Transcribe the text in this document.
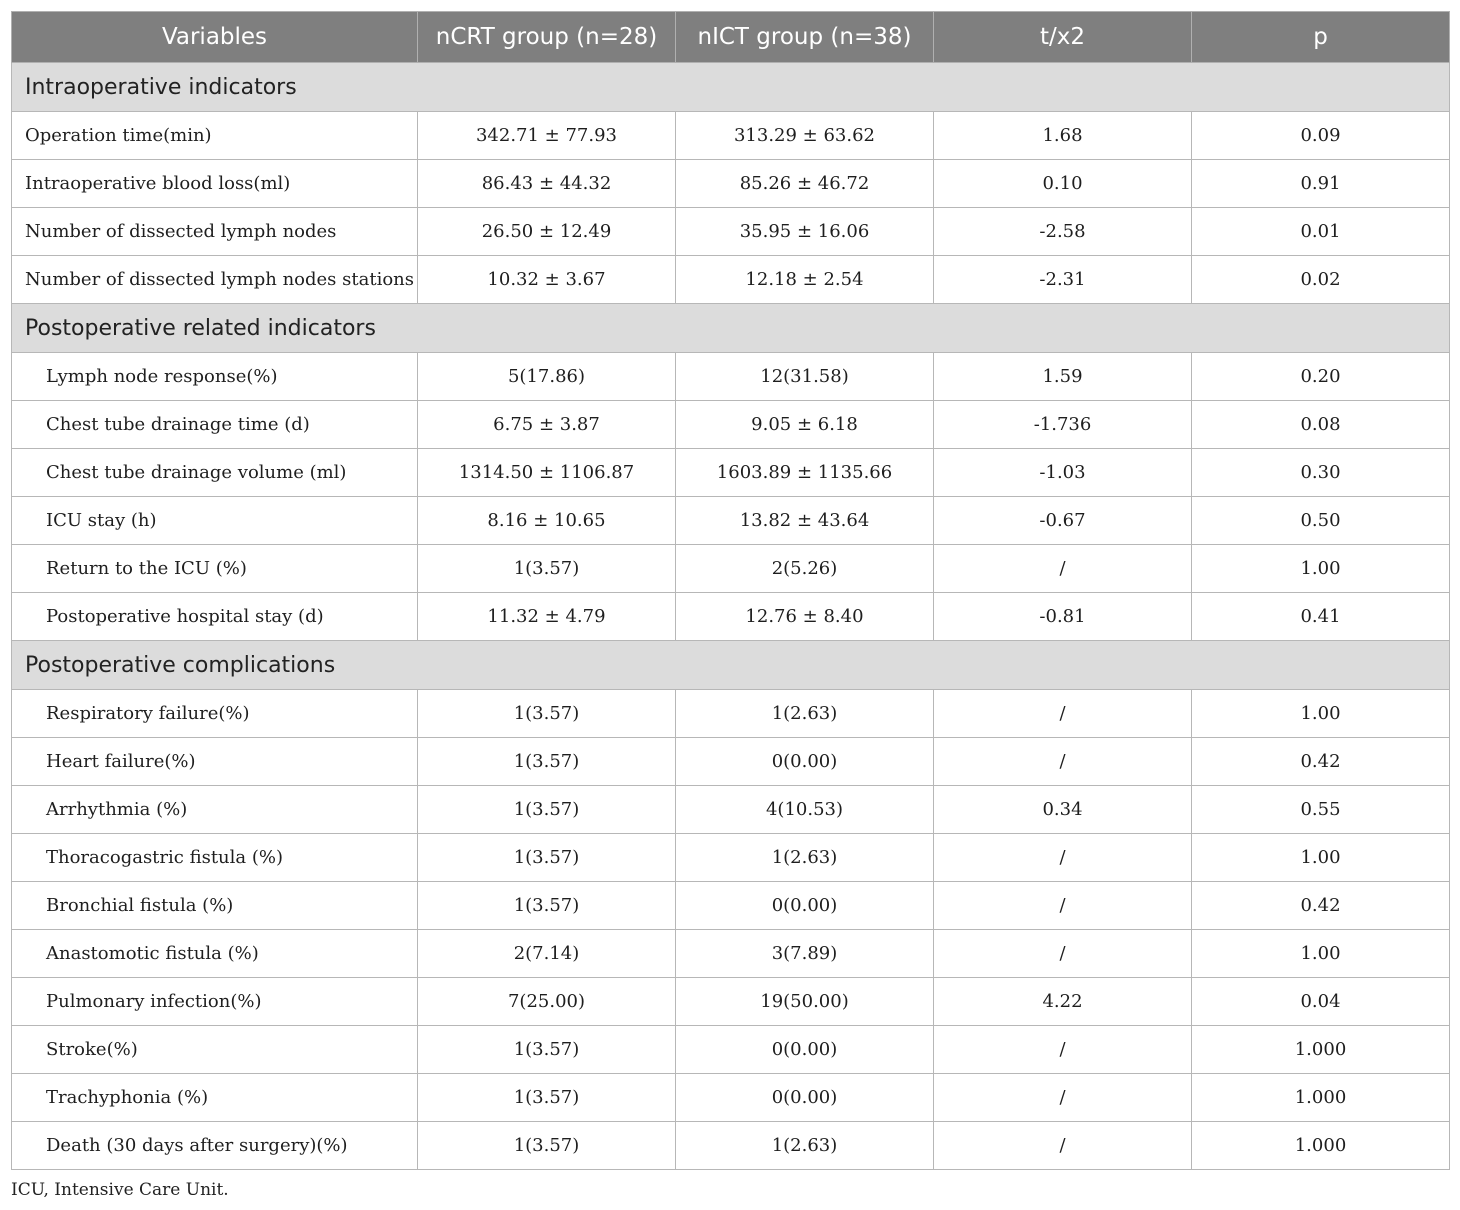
Variables	nCRT group (n=28)	nICT group (n=38)	t/x2	p
Intraoperative indicators				
Operation time(min)	342.71 ± 77.93	313.29 ± 63.62	1.68	0.09
Intraoperative blood loss(ml)	86.43 ± 44.32	85.26 ± 46.72	0.10	0.91
Number of dissected lymph nodes	26.50 ± 12.49	35.95 ± 16.06	-2.58	0.01
Number of dissected lymph nodes stations	10.32 ± 3.67	12.18 ± 2.54	-2.31	0.02
Postoperative related indicators				
Lymph node response(%)	5(17.86)	12(31.58)	1.59	0.20
Chest tube drainage time (d)	6.75 ± 3.87	9.05 ± 6.18	-1.736	0.08
Chest tube drainage volume (ml)	1314.50 ± 1106.87	1603.89 ± 1135.66	-1.03	0.30
ICU stay (h)	8.16 ± 10.65	13.82 ± 43.64	-0.67	0.50
Return to the ICU (%)	1(3.57)	2(5.26)	/	1.00
Postoperative hospital stay (d)	11.32 ± 4.79	12.76 ± 8.40	-0.81	0.41
Postoperative complications				
Respiratory failure(%)	1(3.57)	1(2.63)	/	1.00
Heart failure(%)	1(3.57)	0(0.00)	/	0.42
Arrhythmia (%)	1(3.57)	4(10.53)	0.34	0.55
Thoracogastric fistula (%)	1(3.57)	1(2.63)	/	1.00
Bronchial fistula (%)	1(3.57)	0(0.00)	/	0.42
Anastomotic fistula (%)	2(7.14)	3(7.89)	/	1.00
Pulmonary infection(%)	7(25.00)	19(50.00)	4.22	0.04
Stroke(%)	1(3.57)	0(0.00)	/	1.000
Trachyphonia (%)	1(3.57)	0(0.00)	/	1.000
Death (30 days after surgery)(%)	1(3.57)	1(2.63)	/	1.000
ICU, Intensive Care Unit.
